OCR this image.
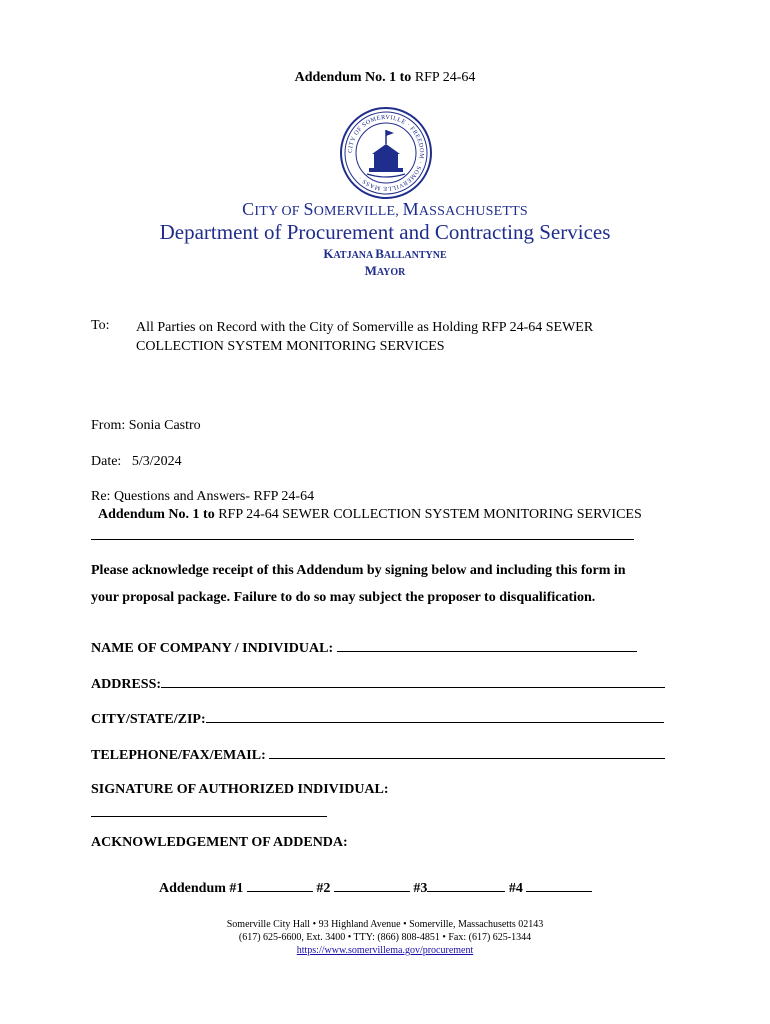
Addendum No. 1 to RFP 24-64
CITY OF SOMERVILLE · FREEDOM · SOMERVILLE MASS ·
CITY OF SOMERVILLE, MASSACHUSETTS
Department of Procurement and Contracting Services
KATJANA BALLANTYNE
MAYOR
To: All Parties on Record with the City of Somerville as Holding RFP 24-64 SEWER COLLECTION SYSTEM MONITORING SERVICES
From: Sonia Castro
Date: 5/3/2024
Re: Questions and Answers- RFP 24-64
Addendum No. 1 to RFP 24-64 SEWER COLLECTION SYSTEM MONITORING SERVICES
Please acknowledge receipt of this Addendum by signing below and including this form in
your proposal package. Failure to do so may subject the proposer to disqualification.
NAME OF COMPANY / INDIVIDUAL:
ADDRESS:
CITY/STATE/ZIP:
TELEPHONE/FAX/EMAIL:
SIGNATURE OF AUTHORIZED INDIVIDUAL:
ACKNOWLEDGEMENT OF ADDENDA:
Addendum #1	#2	#3	#4
Somerville City Hall • 93 Highland Avenue • Somerville, Massachusetts 02143
(617) 625-6600, Ext. 3400 • TTY: (866) 808-4851 • Fax: (617) 625-1344
https://www.somervillema.gov/procurement
